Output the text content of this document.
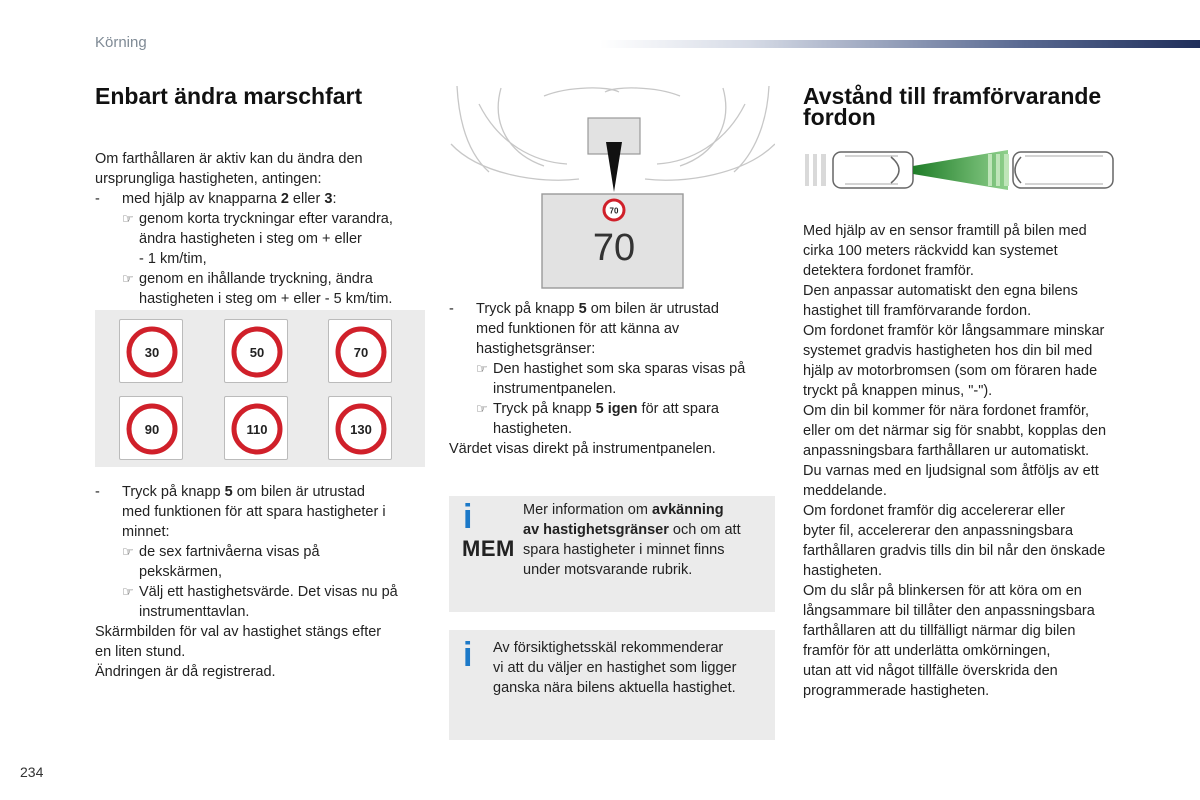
Körning
Enbart ändra marschfart
Om farthållaren är aktiv kan du ändra den
ursprungliga hastigheten, antingen:
-	med hjälp av knapparna 2 eller 3:
☞ genom korta tryckningar efter varandra,
ändra hastigheten i steg om + eller
- 1 km/tim,
☞ genom en ihållande tryckning, ändra
hastigheten i steg om + eller - 5 km/tim.
30	50	70
90	110	130
-	Tryck på knapp 5 om bilen är utrustad
med funktionen för att spara hastigheter i
minnet:
☞ de sex fartnivåerna visas på
pekskärmen,
☞ Välj ett hastighetsvärde. Det visas nu på
instrumenttavlan.
Skärmbilden för val av hastighet stängs efter
en liten stund.
Ändringen är då registrerad.
70
70
-	Tryck på knapp 5 om bilen är utrustad
med funktionen för att känna av
hastighetsgränser:
☞ Den hastighet som ska sparas visas på
instrumentpanelen.
☞ Tryck på knapp 5 igen för att spara
hastigheten.
Värdet visas direkt på instrumentpanelen.
i
MEM
Mer information om avkänning
av hastighetsgränser och om att
spara hastigheter i minnet finns
under motsvarande rubrik.
i Av försiktighetsskäl rekommenderar
vi att du väljer en hastighet som ligger
ganska nära bilens aktuella hastighet.
Avstånd till framförvarande
fordon
Med hjälp av en sensor framtill på bilen med
cirka 100 meters räckvidd kan systemet
detektera fordonet framför.
Den anpassar automatiskt den egna bilens
hastighet till framförvarande fordon.
Om fordonet framför kör långsammare minskar
systemet gradvis hastigheten hos din bil med
hjälp av motorbromsen (som om föraren hade
tryckt på knappen minus, "-").
Om din bil kommer för nära fordonet framför,
eller om det närmar sig för snabbt, kopplas den
anpassningsbara farthållaren ur automatiskt.
Du varnas med en ljudsignal som åtföljs av ett
meddelande.
Om fordonet framför dig accelererar eller
byter fil, accelererar den anpassningsbara
farthållaren gradvis tills din bil når den önskade
hastigheten.
Om du slår på blinkersen för att köra om en
långsammare bil tillåter den anpassningsbara
farthållaren att du tillfälligt närmar dig bilen
framför för att underlätta omkörningen,
utan att vid något tillfälle överskrida den
programmerade hastigheten.
234
